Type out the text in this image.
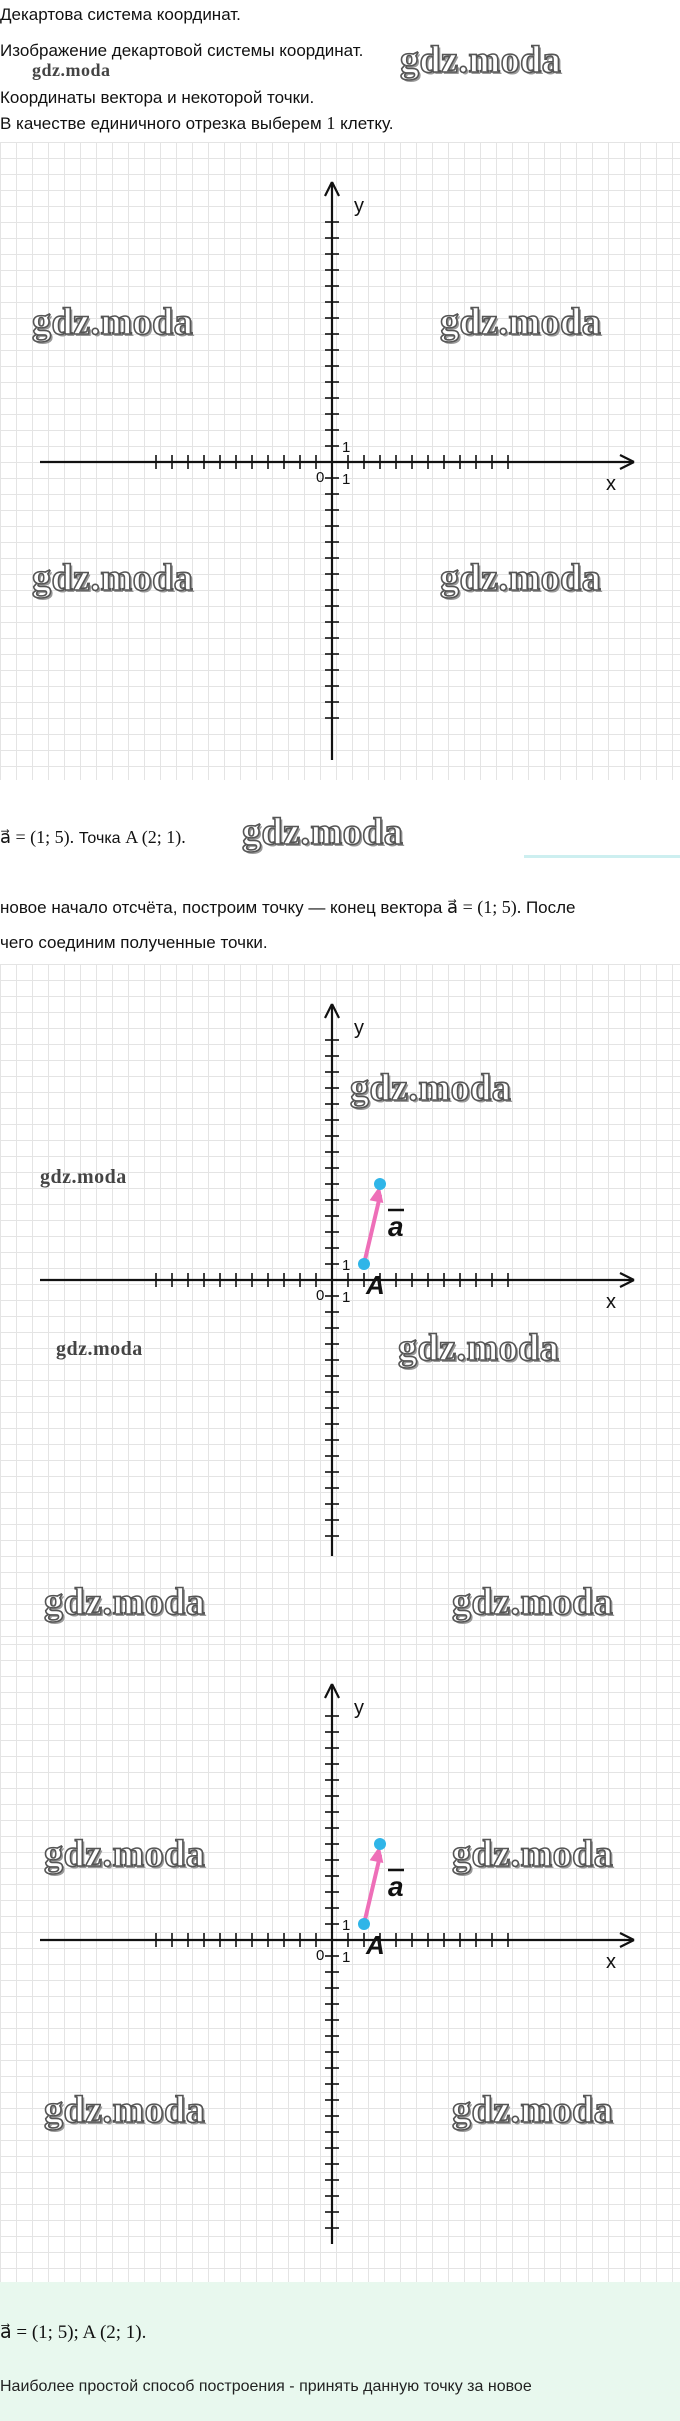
Декартова система координат.
Изображение декартовой системы координат. gdz.moda
gdz.moda
Координаты вектора и некоторой точки.
В качестве единичного отрезка выберем 1 клетку.
x
y
0 1
1
gdz.moda	gdz.moda
gdz.moda	gdz.moda
a⃗ = (1; 5). Точка A (2; 1). gdz.moda
новое начало отсчёта, построим точку — конец вектора a⃗ = (1; 5). После
чего соединим полученные точки.
x
y
0 1
1
A
a
gdz.moda
gdz.moda
gdz.moda
gdz.moda
gdz.moda	gdz.moda
x
y
0 1
1
A
a
gdz.moda	gdz.moda
gdz.moda	gdz.moda
a⃗ = (1; 5); A (2; 1).
Наиболее простой способ построения - принять данную точку за новое
